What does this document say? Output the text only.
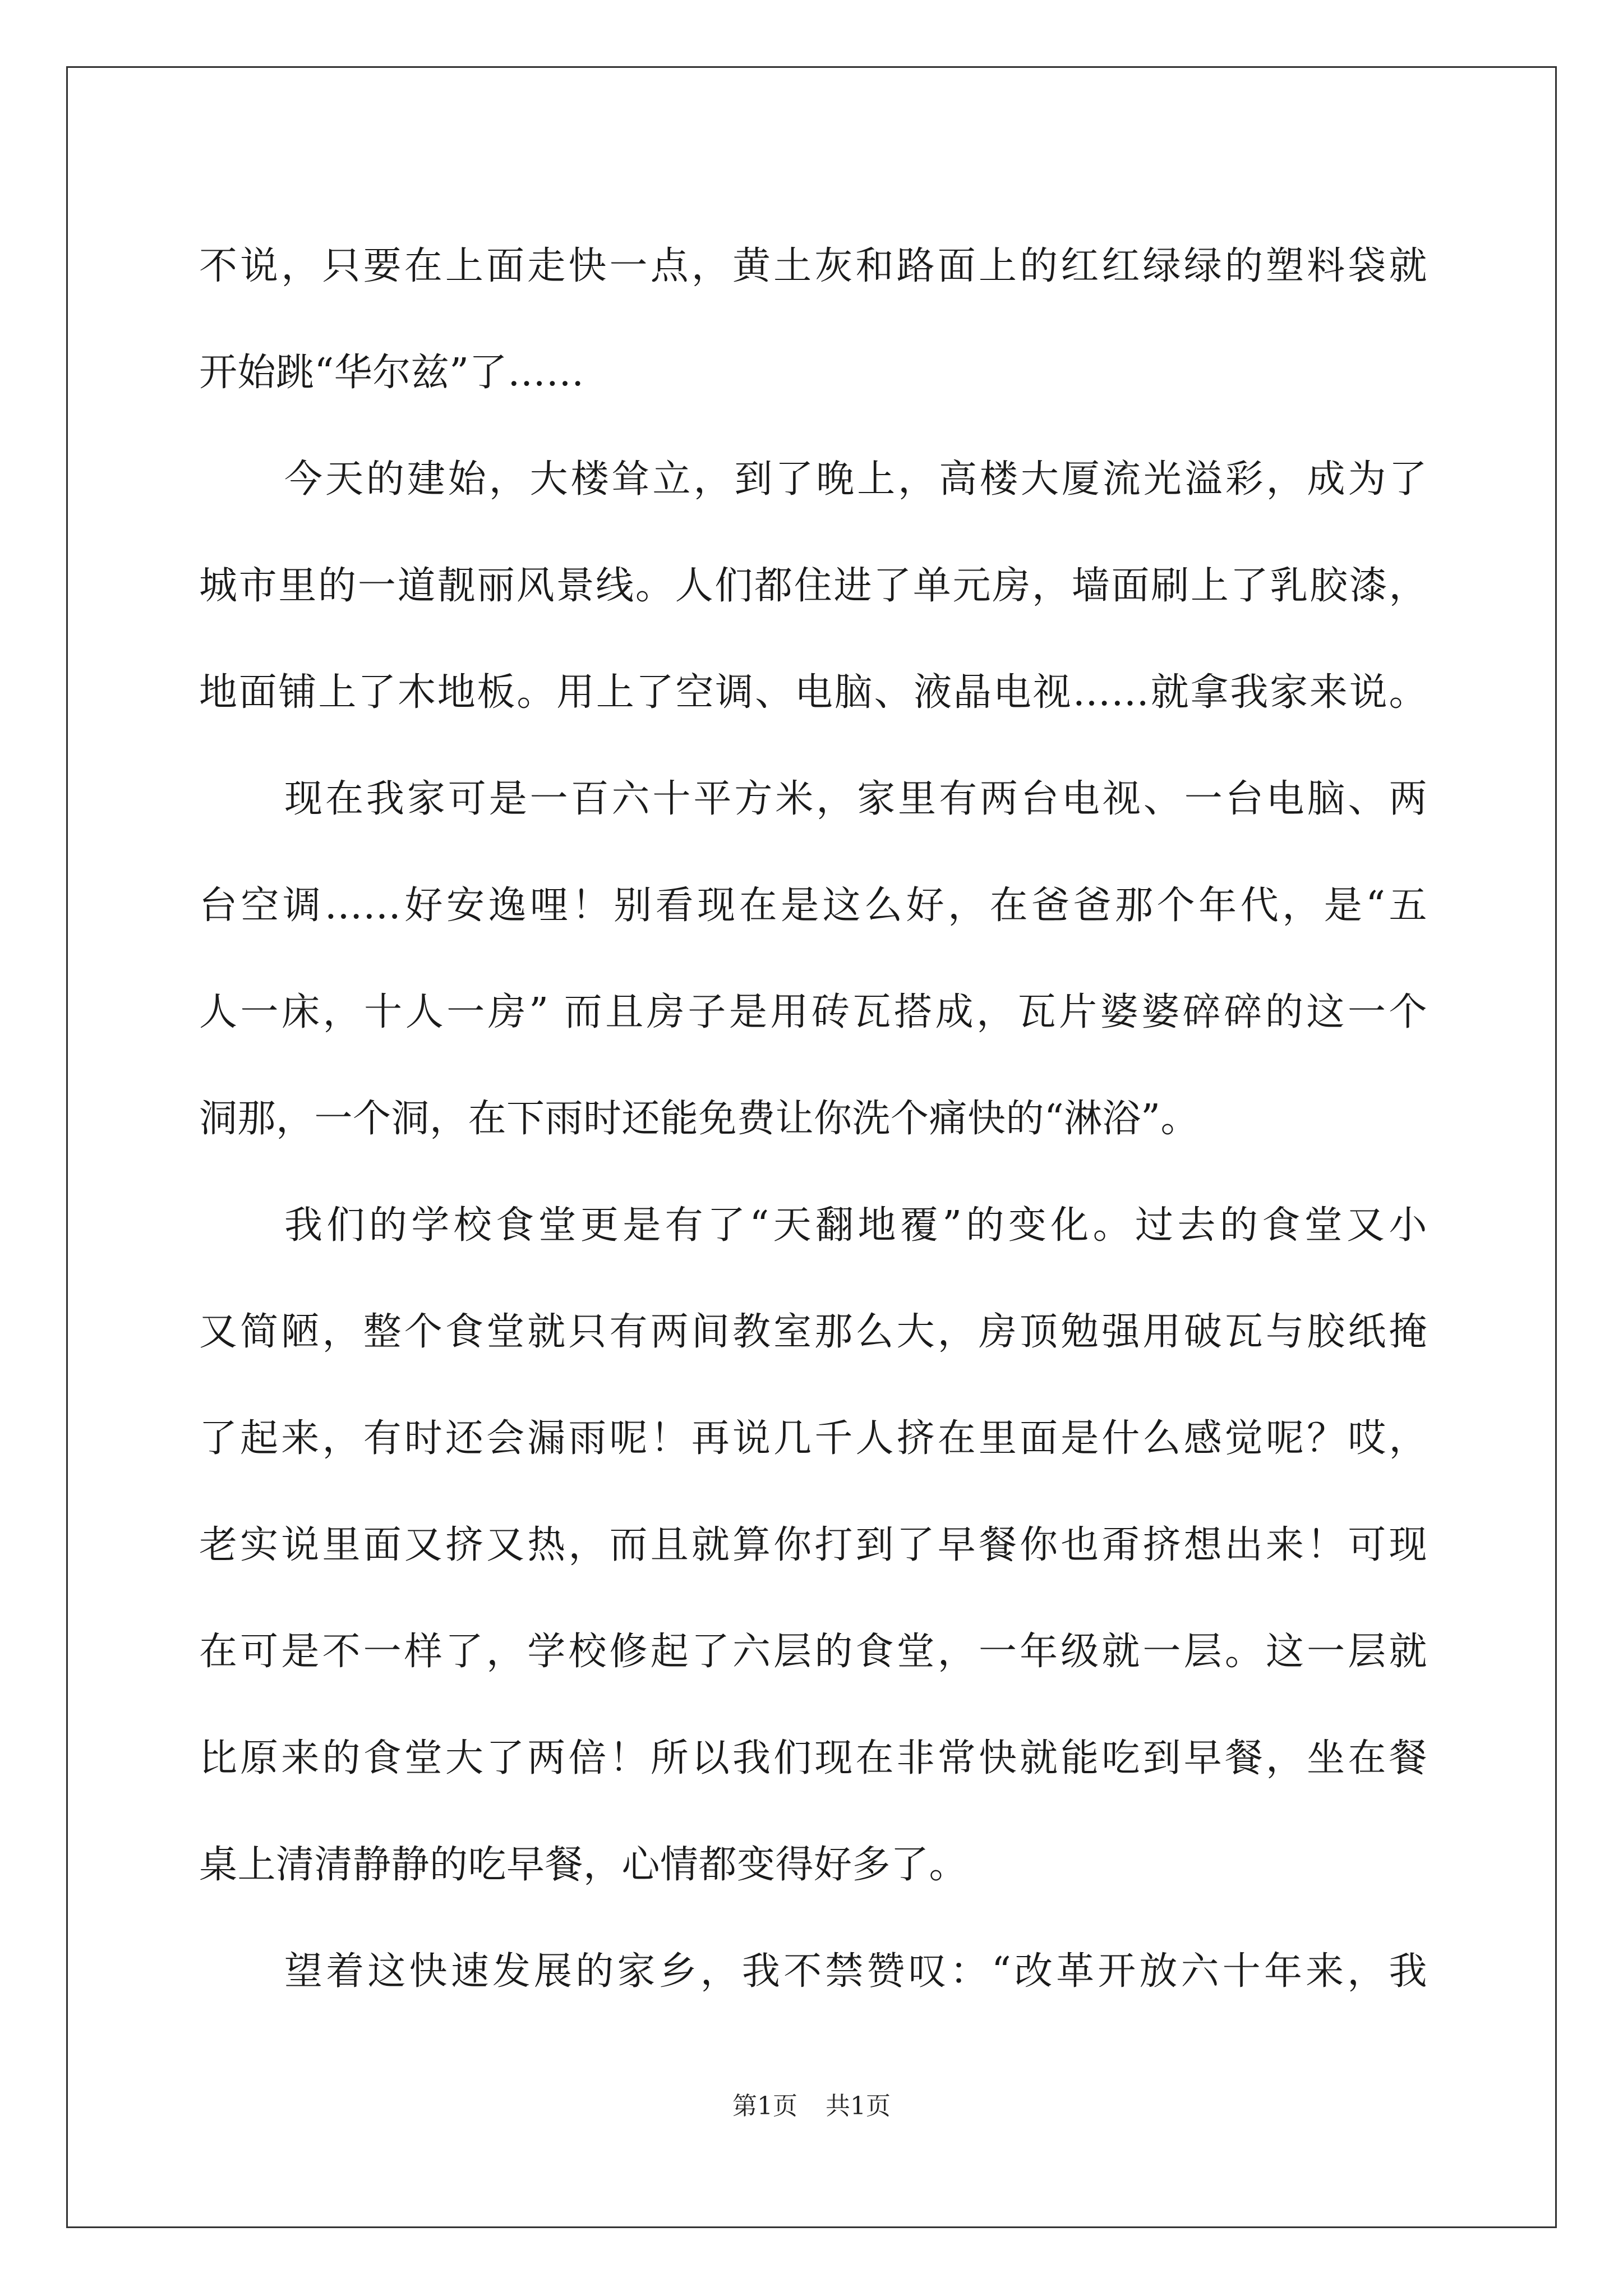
不说，只要在上面走快一点，黄土灰和路面上的红红绿绿的塑料袋就
开始跳“华尔兹”了……
今天的建始，大楼耸立，到了晚上，高楼大厦流光溢彩，成为了
城市里的一道靓丽风景线。人们都住进了单元房，墙面刷上了乳胶漆，
地面铺上了木地板。用上了空调、电脑、液晶电视……就拿我家来说。
现在我家可是一百六十平方米，家里有两台电视、一台电脑、两
台空调……好安逸哩！别看现在是这么好，在爸爸那个年代，是“五
人一床，十人一房” 而且房子是用砖瓦搭成，瓦片婆婆碎碎的这一个
洞那，一个洞，在下雨时还能免费让你洗个痛快的“淋浴”。
我们的学校食堂更是有了“天翻地覆”的变化。过去的食堂又小
又简陋，整个食堂就只有两间教室那么大，房顶勉强用破瓦与胶纸掩
了起来，有时还会漏雨呢！再说几千人挤在里面是什么感觉呢？哎，
老实说里面又挤又热，而且就算你打到了早餐你也甭挤想出来！可现
在可是不一样了，学校修起了六层的食堂，一年级就一层。这一层就
比原来的食堂大了两倍！所以我们现在非常快就能吃到早餐，坐在餐
桌上清清静静的吃早餐，心情都变得好多了。
望着这快速发展的家乡，我不禁赞叹：“改革开放六十年来，我
第1页 共1页
